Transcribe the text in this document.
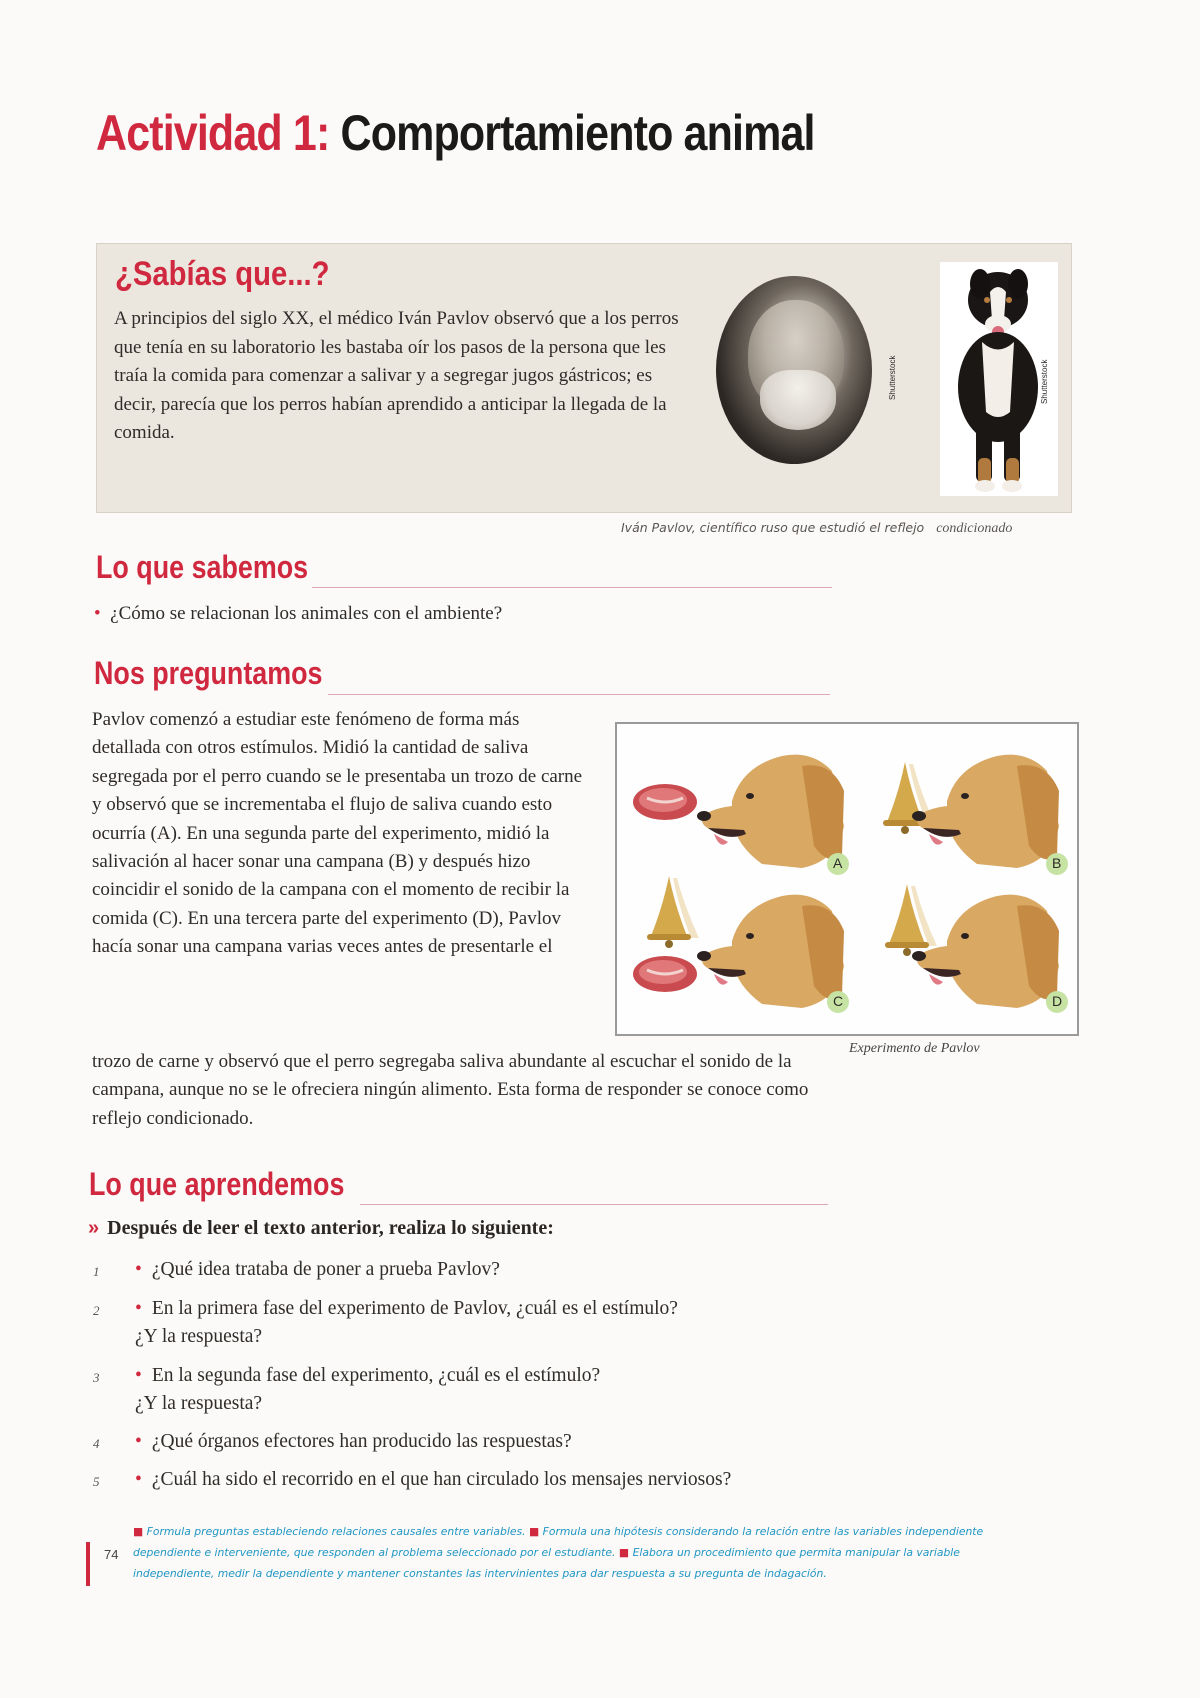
Actividad 1: Comportamiento animal
¿Sabías que...?
A principios del siglo XX, el médico Iván Pavlov observó que a los perros que tenía en su laboratorio les bastaba oír los pasos de la persona que les traía la comida para comenzar a salivar y a segregar jugos gástricos; es decir, parecía que los perros habían aprendido a anticipar la llegada de la comida.
Shutterstock	Shutterstock
Iván Pavlov, científico ruso que estudió el reflejo condicionado
Lo que sabemos
• ¿Cómo se relacionan los animales con el ambiente?
Nos preguntamos
Pavlov comenzó a estudiar este fenómeno de forma más detallada con otros estímulos. Midió la cantidad de saliva segregada por el perro cuando se le presentaba un trozo de carne y observó que se incrementaba el flujo de saliva cuando esto ocurría (A). En una segunda parte del experimento, midió la salivación al hacer sonar una campana (B) y después hizo coincidir el sonido de la campana con el momento de recibir la comida (C). En una tercera parte del experimento (D), Pavlov hacía sonar una campana varias veces antes de presentarle el
trozo de carne y observó que el perro segregaba saliva abundante al escuchar el sonido de la campana, aunque no se le ofreciera ningún alimento. Esta forma de responder se conoce como reflejo condicionado.
A	B
C	D
Experimento de Pavlov
Lo que aprendemos
» Después de leer el texto anterior, realiza lo siguiente:
1 • ¿Qué idea trataba de poner a prueba Pavlov?
2 • En la primera fase del experimento de Pavlov, ¿cuál es el estímulo?
¿Y la respuesta?
3 • En la segunda fase del experimento, ¿cuál es el estímulo?
¿Y la respuesta?
4 • ¿Qué órganos efectores han producido las respuestas?
5 • ¿Cuál ha sido el recorrido en el que han circulado los mensajes nerviosos?
74
■ Formula preguntas estableciendo relaciones causales entre variables. ■ Formula una hipótesis considerando la relación entre las variables independiente dependiente e interveniente, que responden al problema seleccionado por el estudiante. ■ Elabora un procedimiento que permita manipular la variable independiente, medir la dependiente y mantener constantes las intervinientes para dar respuesta a su pregunta de indagación.
